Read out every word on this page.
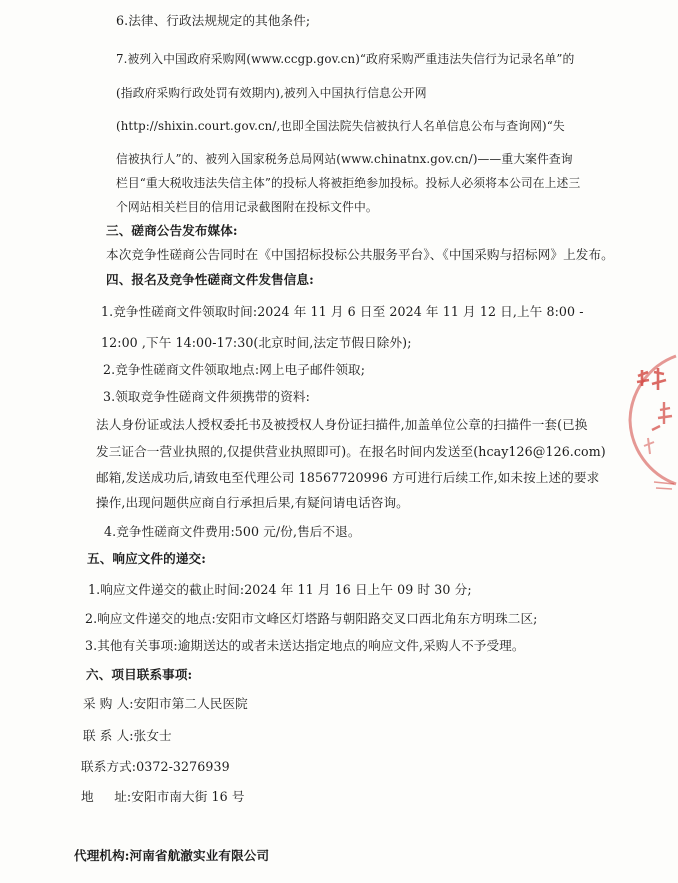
6.法律、行政法规规定的其他条件;
7.被列入中国政府采购网(www.ccgp.gov.cn)“政府采购严重违法失信行为记录名单”的
(指政府采购行政处罚有效期内),被列入中国执行信息公开网
(http://shixin.court.gov.cn/,也即全国法院失信被执行人名单信息公布与查询网)“失
信被执行人”的、被列入国家税务总局网站(www.chinatnx.gov.cn/)——重大案件查询
栏目“重大税收违法失信主体”的投标人将被拒绝参加投标。投标人必须将本公司在上述三
个网站相关栏目的信用记录截图附在投标文件中。
三、磋商公告发布媒体:
本次竞争性磋商公告同时在《中国招标投标公共服务平台》、《中国采购与招标网》上发布。
四、报名及竞争性磋商文件发售信息:
1.竞争性磋商文件领取时间:2024 年 11 月 6 日至 2024 年 11 月 12 日,上午 8:00 -
12:00 ,下午 14:00-17:30(北京时间,法定节假日除外);
2.竞争性磋商文件领取地点:网上电子邮件领取;
3.领取竞争性磋商文件须携带的资料:
法人身份证或法人授权委托书及被授权人身份证扫描件,加盖单位公章的扫描件一套(已换
发三证合一营业执照的,仅提供营业执照即可)。在报名时间内发送至(hcay126@126.com)
邮箱,发送成功后,请致电至代理公司 18567720996 方可进行后续工作,如未按上述的要求
操作,出现问题供应商自行承担后果,有疑问请电话咨询。
4.竞争性磋商文件费用:500 元/份,售后不退。
五、响应文件的递交:
1.响应文件递交的截止时间:2024 年 11 月 16 日上午 09 时 30 分;
2.响应文件递交的地点:安阳市文峰区灯塔路与朝阳路交叉口西北角东方明珠二区;
3.其他有关事项:逾期送达的或者未送达指定地点的响应文件,采购人不予受理。
六、项目联系事项:
采 购 人:安阳市第二人民医院
联 系 人:张女士
联系方式:0372-3276939
地     址:安阳市南大街 16 号
代理机构:河南省航澈实业有限公司
